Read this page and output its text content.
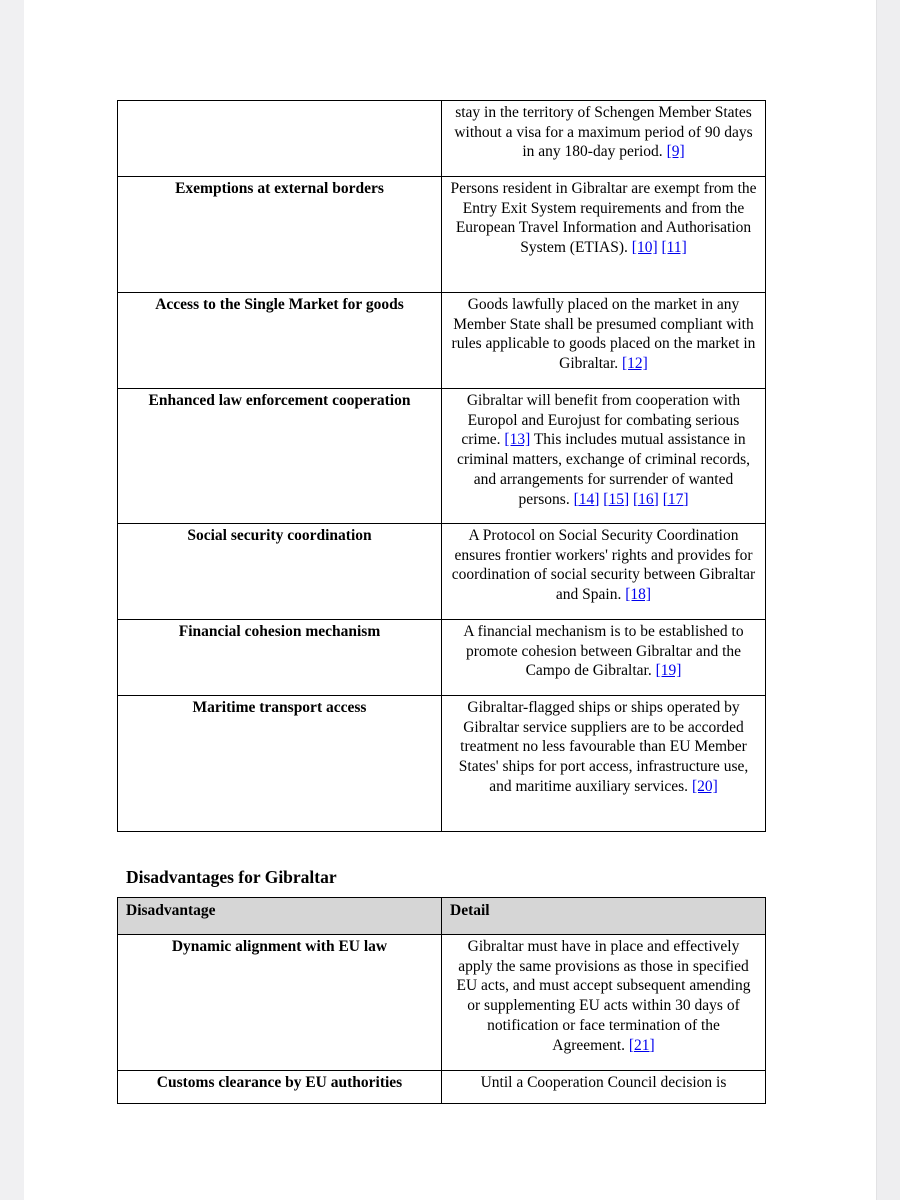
	stay in the territory of Schengen Member States without a visa for a maximum period of 90 days in any 180-day period. [9]
Exemptions at external borders	Persons resident in Gibraltar are exempt from the Entry Exit System requirements and from the European Travel Information and Authorisation System (ETIAS). [10] [11]
Access to the Single Market for goods	Goods lawfully placed on the market in any Member State shall be presumed compliant with rules applicable to goods placed on the market in Gibraltar. [12]
Enhanced law enforcement cooperation	Gibraltar will benefit from cooperation with Europol and Eurojust for combating serious crime. [13] This includes mutual assistance in criminal matters, exchange of criminal records, and arrangements for surrender of wanted persons. [14] [15] [16] [17]
Social security coordination	A Protocol on Social Security Coordination ensures frontier workers' rights and provides for coordination of social security between Gibraltar and Spain. [18]
Financial cohesion mechanism	A financial mechanism is to be established to promote cohesion between Gibraltar and the Campo de Gibraltar. [19]
Maritime transport access	Gibraltar-flagged ships or ships operated by Gibraltar service suppliers are to be accorded treatment no less favourable than EU Member States' ships for port access, infrastructure use, and maritime auxiliary services. [20]
Disadvantages for Gibraltar
Disadvantage	Detail
Dynamic alignment with EU law	Gibraltar must have in place and effectively apply the same provisions as those in specified EU acts, and must accept subsequent amending or supplementing EU acts within 30 days of notification or face termination of the Agreement. [21]
Customs clearance by EU authorities	Until a Cooperation Council decision is
